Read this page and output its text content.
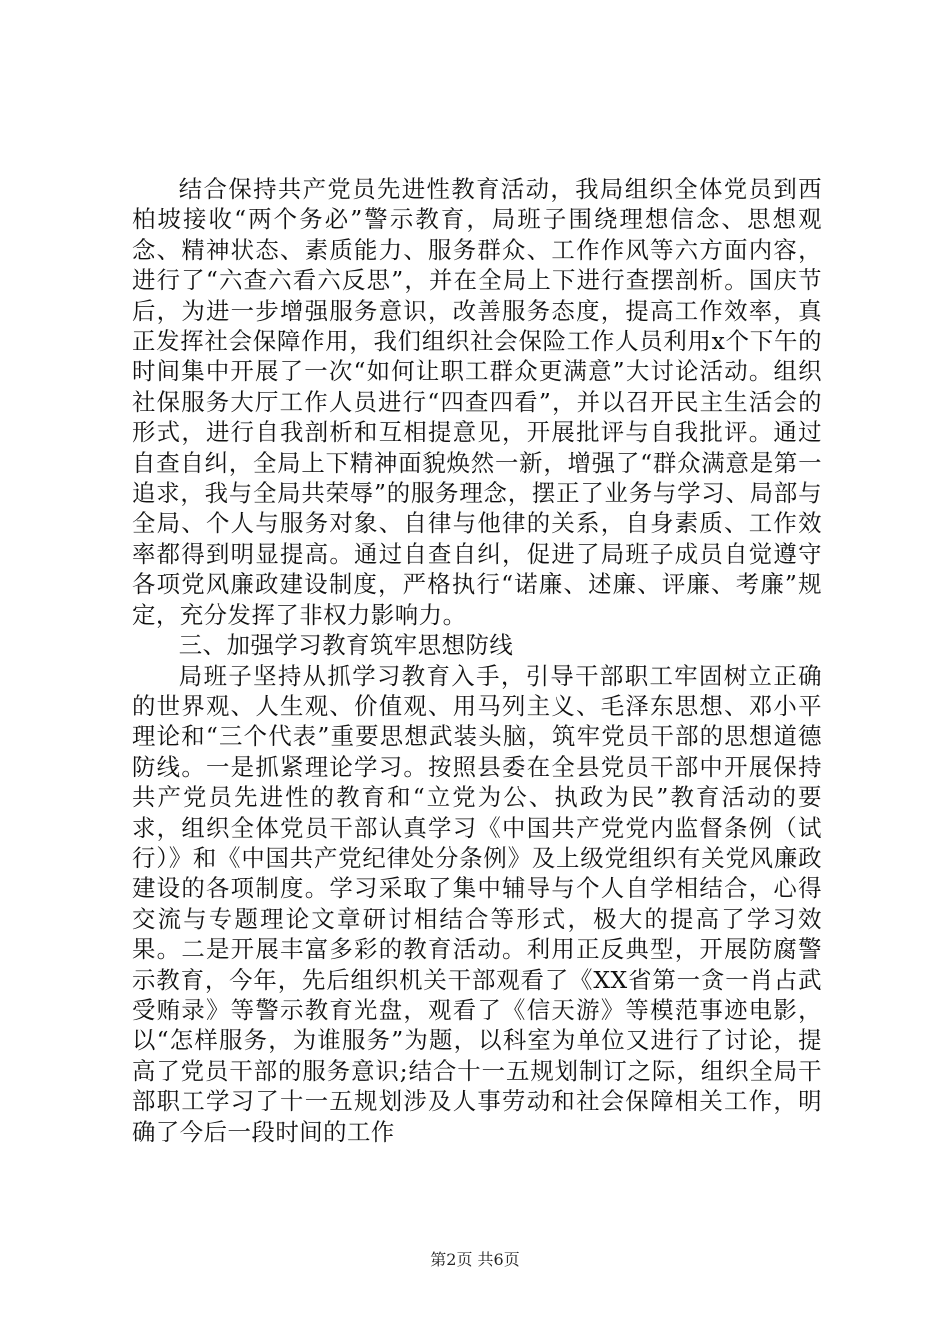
结合保持共产党员先进性教育活动，我局组织全体党员到西柏坡接收“两个务必”警示教育，局班子围绕理想信念、思想观念、精神状态、素质能力、服务群众、工作作风等六方面内容，进行了“六查六看六反思”，并在全局上下进行查摆剖析。国庆节后，为进一步增强服务意识，改善服务态度，提高工作效率，真正发挥社会保障作用，我们组织社会保险工作人员利用x个下午的时间集中开展了一次“如何让职工群众更满意”大讨论活动。组织社保服务大厅工作人员进行“四查四看”，并以召开民主生活会的形式，进行自我剖析和互相提意见，开展批评与自我批评。通过自查自纠，全局上下精神面貌焕然一新，增强了“群众满意是第一追求，我与全局共荣辱”的服务理念，摆正了业务与学习、局部与全局、个人与服务对象、自律与他律的关系，自身素质、工作效率都得到明显提高。通过自查自纠，促进了局班子成员自觉遵守各项党风廉政建设制度，严格执行“诺廉、述廉、评廉、考廉”规定，充分发挥了非权力影响力。

三、加强学习教育筑牢思想防线

局班子坚持从抓学习教育入手，引导干部职工牢固树立正确的世界观、人生观、价值观、用马列主义、毛泽东思想、邓小平理论和“三个代表”重要思想武装头脑，筑牢党员干部的思想道德防线。一是抓紧理论学习。按照县委在全县党员干部中开展保持共产党员先进性的教育和“立党为公、执政为民”教育活动的要求，组织全体党员干部认真学习《中国共产党党内监督条例（试行）》和《中国共产党纪律处分条例》及上级党组织有关党风廉政建设的各项制度。学习采取了集中辅导与个人自学相结合，心得交流与专题理论文章研讨相结合等形式，极大的提高了学习效果。二是开展丰富多彩的教育活动。利用正反典型，开展防腐警示教育，今年，先后组织机关干部观看了《XX省第一贪一肖占武受贿录》等警示教育光盘，观看了《信天游》等模范事迹电影，以“怎样服务，为谁服务”为题，以科室为单位又进行了讨论，提高了党员干部的服务意识;结合十一五规划制订之际，组织全局干部职工学习了十一五规划涉及人事劳动和社会保障相关工作，明确了今后一段时间的工作

第2页 共6页
